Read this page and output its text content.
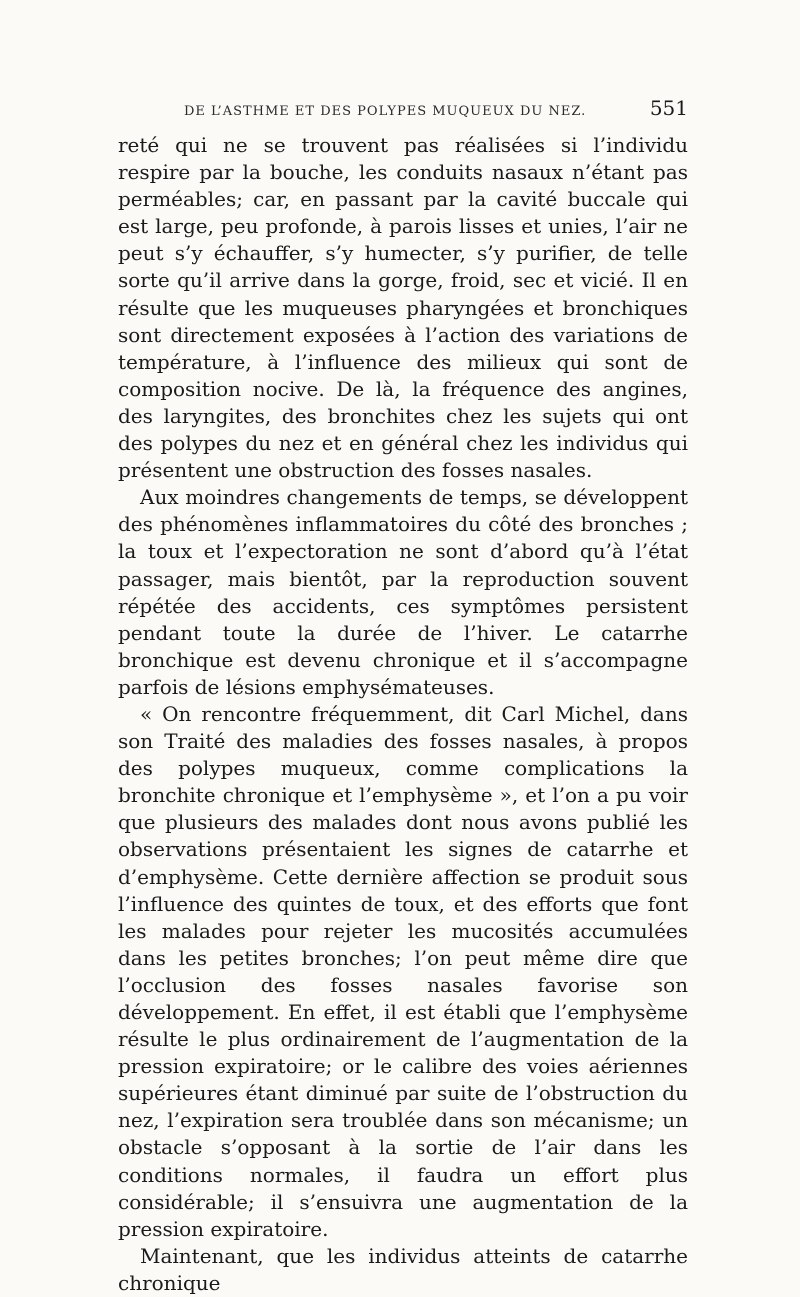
DE L’ASTHME ET DES POLYPES MUQUEUX DU NEZ.	551

reté qui ne se trouvent pas réalisées si l’individu respire par la bouche, les conduits nasaux n’étant pas perméables; car, en passant par la cavité buccale qui est large, peu profonde, à parois lisses et unies, l’air ne peut s’y échauffer, s’y humecter, s’y purifier, de telle sorte qu’il arrive dans la gorge, froid, sec et vicié. Il en résulte que les muqueuses pharyngées et bronchiques sont directement exposées à l’action des variations de température, à l’influence des milieux qui sont de composition nocive. De là, la fréquence des angines, des laryngites, des bronchites chez les sujets qui ont des polypes du nez et en général chez les individus qui présentent une obstruction des fosses nasales.

Aux moindres changements de temps, se développent des phénomènes inflammatoires du côté des bronches ; la toux et l’expectoration ne sont d’abord qu’à l’état passager, mais bientôt, par la reproduction souvent répétée des accidents, ces symptômes persistent pendant toute la durée de l’hiver. Le catarrhe bronchique est devenu chronique et il s’accompagne parfois de lésions emphysémateuses.

« On rencontre fréquemment, dit Carl Michel, dans son Traité des maladies des fosses nasales, à propos des polypes muqueux, comme complications la bronchite chronique et l’emphysème », et l’on a pu voir que plusieurs des malades dont nous avons publié les observations présentaient les signes de catarrhe et d’emphysème. Cette dernière affection se produit sous l’influence des quintes de toux, et des efforts que font les malades pour rejeter les mucosités accumulées dans les petites bronches; l’on peut même dire que l’occlusion des fosses nasales favorise son développement. En effet, il est établi que l’emphysème résulte le plus ordinairement de l’augmentation de la pression expiratoire; or le calibre des voies aériennes supérieures étant diminué par suite de l’obstruction du nez, l’expiration sera troublée dans son mécanisme; un obstacle s’opposant à la sortie de l’air dans les conditions normales, il faudra un effort plus considérable; il s’ensuivra une augmentation de la pression expiratoire.

Maintenant, que les individus atteints de catarrhe chronique
